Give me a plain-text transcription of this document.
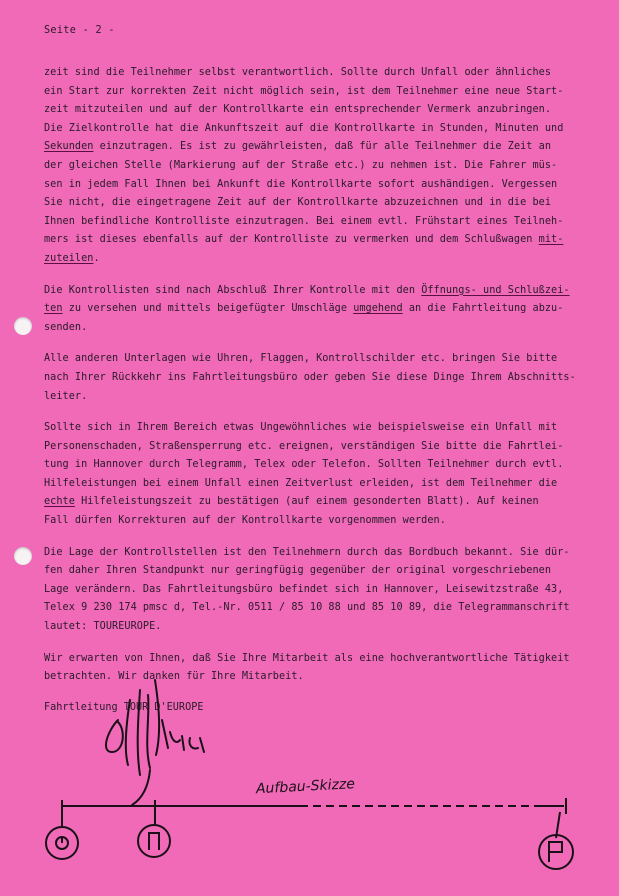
Seite - 2 -
zeit sind die Teilnehmer selbst verantwortlich. Sollte durch Unfall oder ähnliches
ein Start zur korrekten Zeit nicht möglich sein, ist dem Teilnehmer eine neue Start-
zeit mitzuteilen und auf der Kontrollkarte ein entsprechender Vermerk anzubringen.
Die Zielkontrolle hat die Ankunftszeit auf die Kontrollkarte in Stunden, Minuten und
Sekunden einzutragen. Es ist zu gewährleisten, daß für alle Teilnehmer die Zeit an
der gleichen Stelle (Markierung auf der Straße etc.) zu nehmen ist. Die Fahrer müs-
sen in jedem Fall Ihnen bei Ankunft die Kontrollkarte sofort aushändigen. Vergessen
Sie nicht, die eingetragene Zeit auf der Kontrollkarte abzuzeichnen und in die bei
Ihnen befindliche Kontrolliste einzutragen. Bei einem evtl. Frühstart eines Teilneh-
mers ist dieses ebenfalls auf der Kontrolliste zu vermerken und dem Schlußwagen mit-
zuteilen.
Die Kontrollisten sind nach Abschluß Ihrer Kontrolle mit den Öffnungs- und Schlußzei-
ten zu versehen und mittels beigefügter Umschläge umgehend an die Fahrtleitung abzu-
senden.
Alle anderen Unterlagen wie Uhren, Flaggen, Kontrollschilder etc. bringen Sie bitte
nach Ihrer Rückkehr ins Fahrtleitungsbüro oder geben Sie diese Dinge Ihrem Abschnitts-
leiter.
Sollte sich in Ihrem Bereich etwas Ungewöhnliches wie beispielsweise ein Unfall mit
Personenschaden, Straßensperrung etc. ereignen, verständigen Sie bitte die Fahrtlei-
tung in Hannover durch Telegramm, Telex oder Telefon. Sollten Teilnehmer durch evtl.
Hilfeleistungen bei einem Unfall einen Zeitverlust erleiden, ist dem Teilnehmer die
echte Hilfeleistungszeit zu bestätigen (auf einem gesonderten Blatt). Auf keinen
Fall dürfen Korrekturen auf der Kontrollkarte vorgenommen werden.
Die Lage der Kontrollstellen ist den Teilnehmern durch das Bordbuch bekannt. Sie dür-
fen daher Ihren Standpunkt nur geringfügig gegenüber der original vorgeschriebenen
Lage verändern. Das Fahrtleitungsbüro befindet sich in Hannover, Leisewitzstraße 43,
Telex 9 230 174 pmsc d, Tel.-Nr. 0511 / 85 10 88 und 85 10 89, die Telegrammanschrift
lautet: TOUREUROPE.
Wir erwarten von Ihnen, daß Sie Ihre Mitarbeit als eine hochverantwortliche Tätigkeit
betrachten. Wir danken für Ihre Mitarbeit.
Fahrtleitung TOUR D'EUROPE
Aufbau-Skizze
